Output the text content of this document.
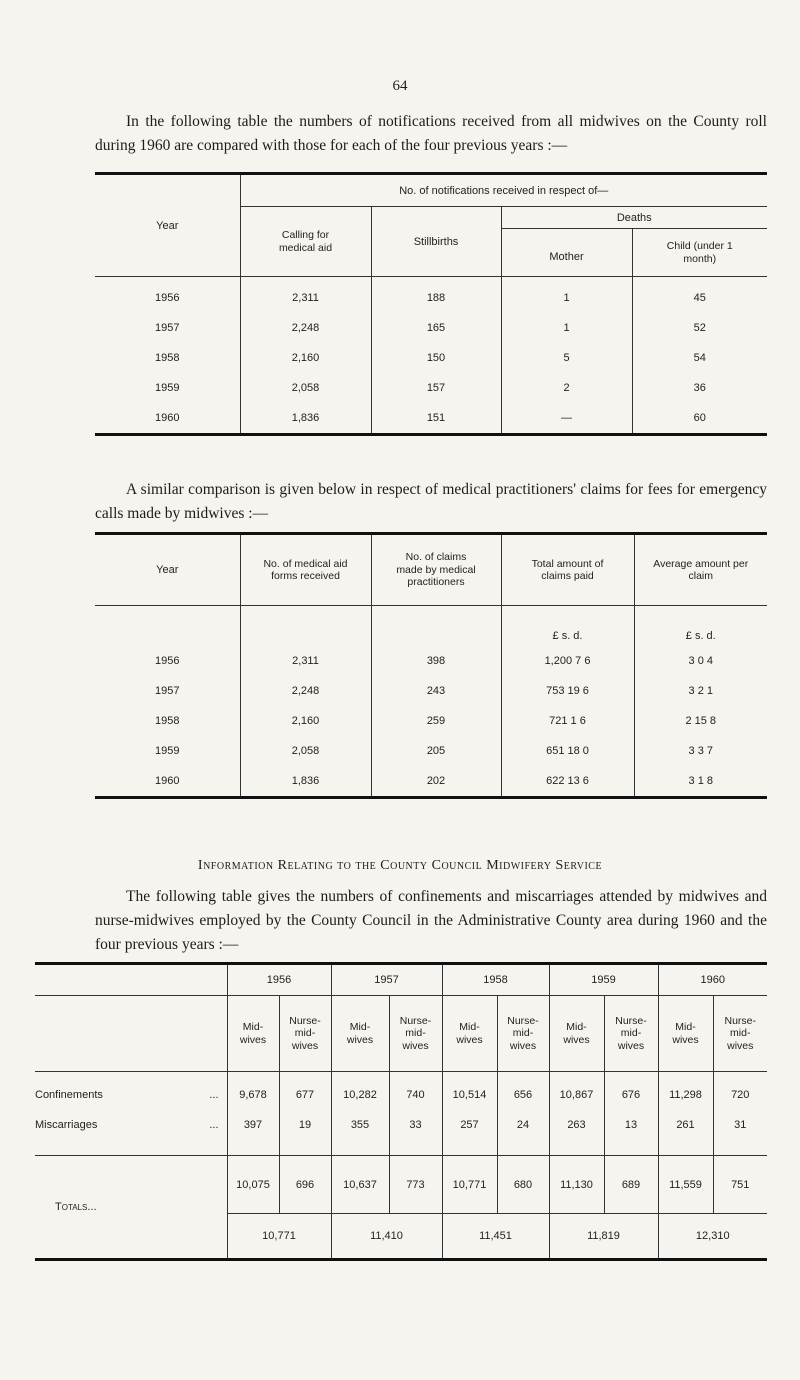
64

In the following table the numbers of notifications received from all midwives on the County roll during 1960 are compared with those for each of the four previous years :—

Year	No. of notifications received in respect of—			
	Calling for medical aid	Stillbirths	Deaths	
			Mother	Child (under 1 month)

1956	2,311	188	1	45
1957	2,248	165	1	52
1958	2,160	150	5	54
1959	2,058	157	2	36
1960	1,836	151	—	60

A similar comparison is given below in respect of medical practitioners' claims for fees for emergency calls made by midwives :—

Year	No. of medical aid forms received	No. of claims made by medical practitioners	Total amount of claims paid	Average amount per claim
			£ s. d.	£ s. d.
1956	2,311	398	1,200 7 6	3 0 4
1957	2,248	243	753 19 6	3 2 1
1958	2,160	259	721 1 6	2 15 8
1959	2,058	205	651 18 0	3 3 7
1960	1,836	202	622 13 6	3 1 8
Information Relating to the County Council Midwifery Service

The following table gives the numbers of confinements and miscarriages attended by midwives and nurse-midwives employed by the County Council in the Administrative County area during 1960 and the four previous years :—

	1956		1957		1958		1959		1960	
	Mid- wives	Nurse- mid- wives	Mid- wives	Nurse- mid- wives	Mid- wives	Nurse- mid- wives	Mid- wives	Nurse- mid- wives	Mid- wives	Nurse- mid- wives

Confinements ...	9,678	677	10,282	740	10,514	656	10,867	676	11,298	720
Miscarriages ...	397	19	355	33	257	24	263	13	261	31

Totals...	10,075	696	10,637	773	10,771	680	11,130	689	11,559	751
	10,771		11,410		11,451		11,819		12,310	
